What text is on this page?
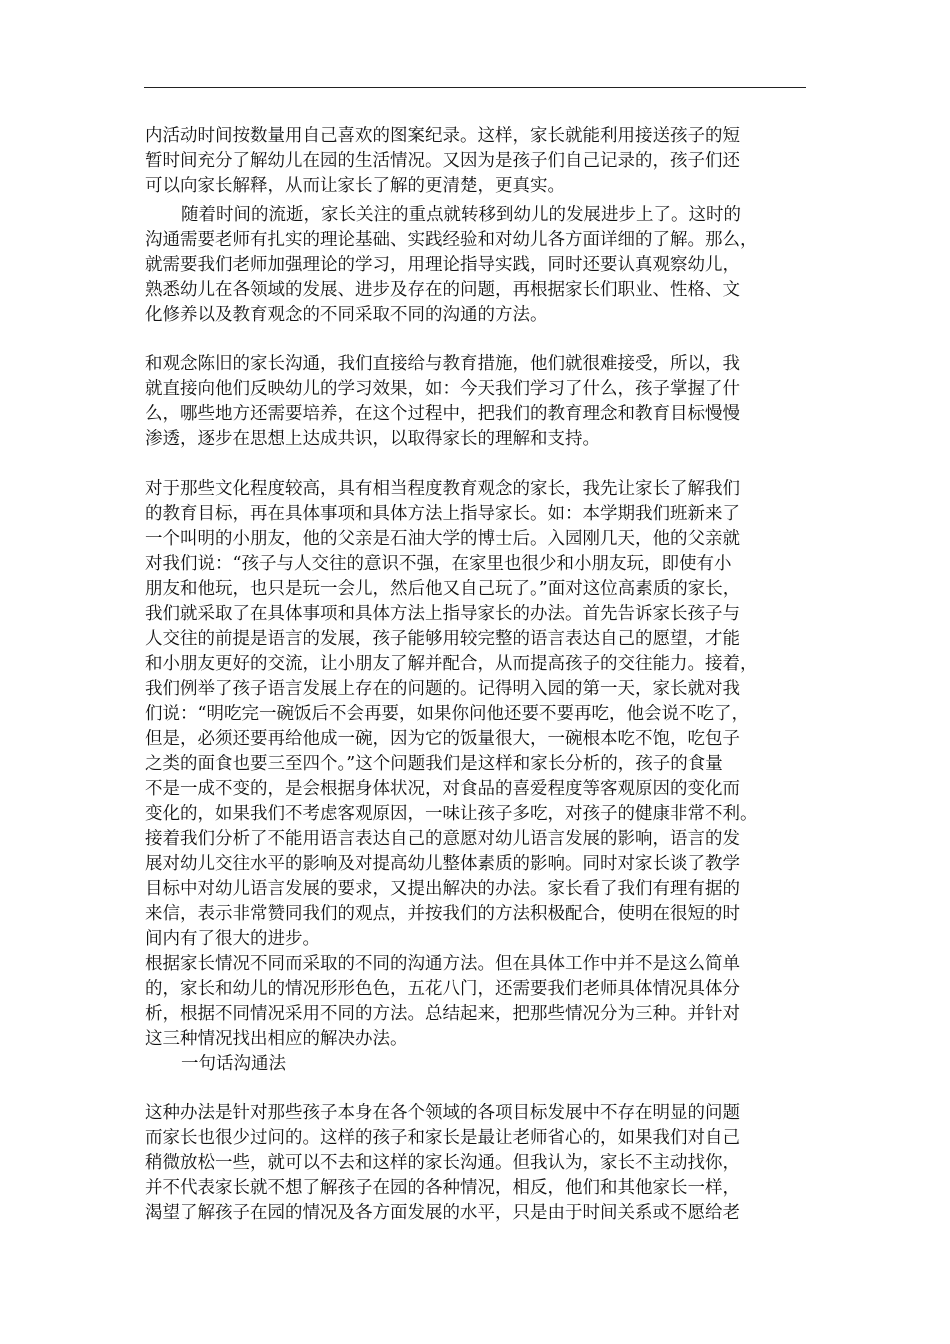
内活动时间按数量用自己喜欢的图案纪录。这样，家长就能利用接送孩子的短
暂时间充分了解幼儿在园的生活情况。又因为是孩子们自己记录的，孩子们还
可以向家长解释，从而让家长了解的更清楚，更真实。
随着时间的流逝，家长关注的重点就转移到幼儿的发展进步上了。这时的
沟通需要老师有扎实的理论基础、实践经验和对幼儿各方面详细的了解。那么，
就需要我们老师加强理论的学习，用理论指导实践，同时还要认真观察幼儿，
熟悉幼儿在各领域的发展、进步及存在的问题，再根据家长们职业、性格、文
化修养以及教育观念的不同采取不同的沟通的方法。
和观念陈旧的家长沟通，我们直接给与教育措施，他们就很难接受，所以，我
就直接向他们反映幼儿的学习效果，如：今天我们学习了什么，孩子掌握了什
么，哪些地方还需要培养，在这个过程中，把我们的教育理念和教育目标慢慢
渗透，逐步在思想上达成共识，以取得家长的理解和支持。
对于那些文化程度较高，具有相当程度教育观念的家长，我先让家长了解我们
的教育目标，再在具体事项和具体方法上指导家长。如：本学期我们班新来了
一个叫明的小朋友，他的父亲是石油大学的博士后。入园刚几天，他的父亲就
对我们说：“孩子与人交往的意识不强，在家里也很少和小朋友玩，即使有小
朋友和他玩，也只是玩一会儿，然后他又自己玩了。”面对这位高素质的家长，
我们就采取了在具体事项和具体方法上指导家长的办法。首先告诉家长孩子与
人交往的前提是语言的发展，孩子能够用较完整的语言表达自己的愿望，才能
和小朋友更好的交流，让小朋友了解并配合，从而提高孩子的交往能力。接着，
我们例举了孩子语言发展上存在的问题的。记得明入园的第一天，家长就对我
们说：“明吃完一碗饭后不会再要，如果你问他还要不要再吃，他会说不吃了，
但是，必须还要再给他成一碗，因为它的饭量很大，一碗根本吃不饱，吃包子
之类的面食也要三至四个。”这个问题我们是这样和家长分析的，孩子的食量
不是一成不变的，是会根据身体状况，对食品的喜爱程度等客观原因的变化而
变化的，如果我们不考虑客观原因，一味让孩子多吃，对孩子的健康非常不利。
接着我们分析了不能用语言表达自己的意愿对幼儿语言发展的影响，语言的发
展对幼儿交往水平的影响及对提高幼儿整体素质的影响。同时对家长谈了教学
目标中对幼儿语言发展的要求，又提出解决的办法。家长看了我们有理有据的
来信，表示非常赞同我们的观点，并按我们的方法积极配合，使明在很短的时
间内有了很大的进步。
根据家长情况不同而采取的不同的沟通方法。但在具体工作中并不是这么简单
的，家长和幼儿的情况形形色色，五花八门，还需要我们老师具体情况具体分
析，根据不同情况采用不同的方法。总结起来，把那些情况分为三种。并针对
这三种情况找出相应的解决办法。
一句话沟通法
这种办法是针对那些孩子本身在各个领域的各项目标发展中不存在明显的问题
而家长也很少过问的。这样的孩子和家长是最让老师省心的，如果我们对自己
稍微放松一些，就可以不去和这样的家长沟通。但我认为，家长不主动找你，
并不代表家长就不想了解孩子在园的各种情况，相反，他们和其他家长一样，
渴望了解孩子在园的情况及各方面发展的水平，只是由于时间关系或不愿给老
